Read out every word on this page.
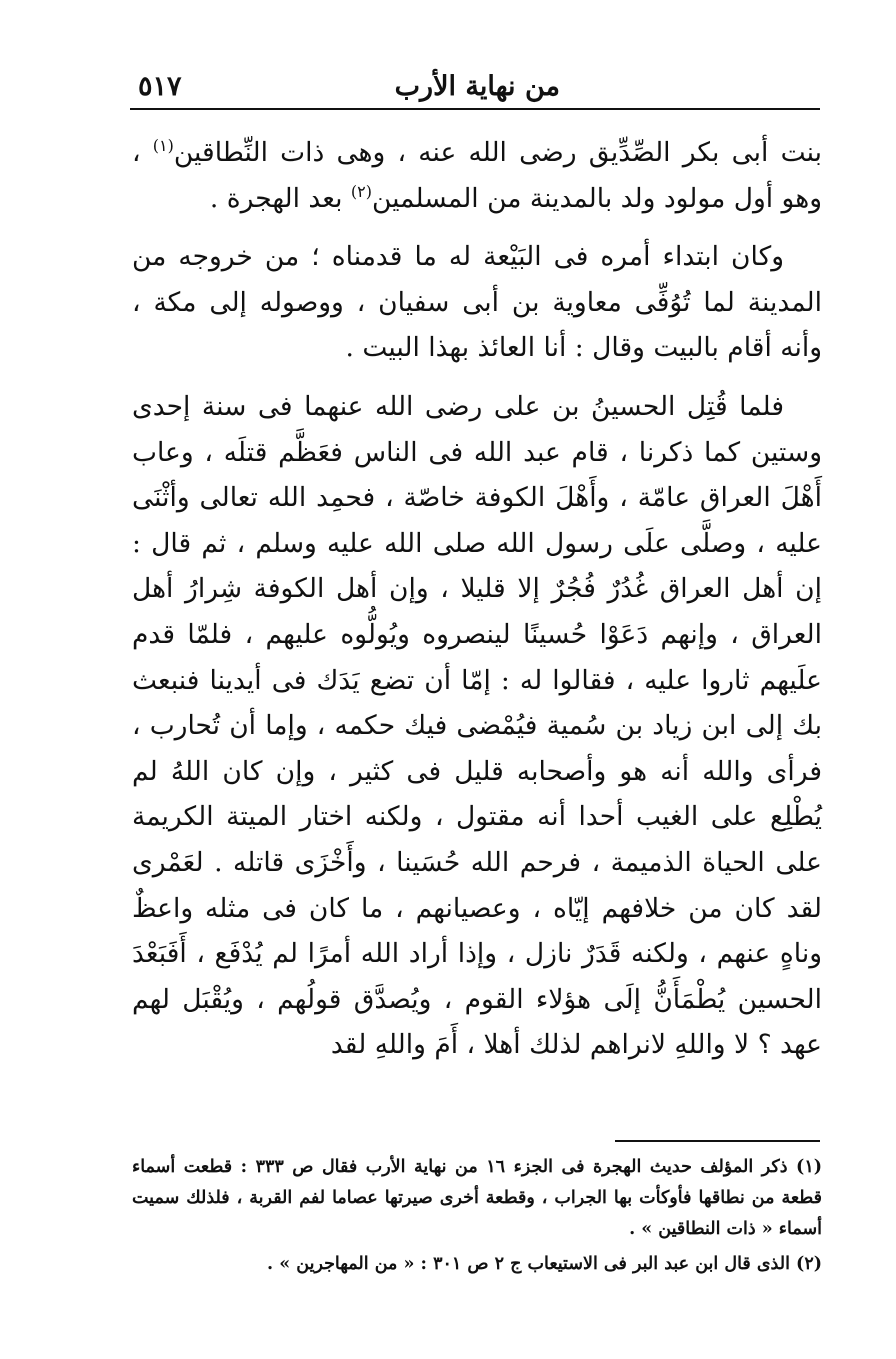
من نهاية الأرب
٥١٧

بنت أبى بكر الصِّدِّيق رضى الله عنه ، وهى ذات النِّطاقين$^{(١)}$ ، وهو أول مولود ولد بالمدينة من المسلمين$^{(٢)}$ بعد الهجرة .

وكان ابتداء أمره فى البَيْعة له ما قدمناه ؛ من خروجه من المدينة لما تُوُفِّى معاوية بن أبى سفيان ، ووصوله إلى مكة ، وأنه أقام بالبيت وقال : أنا العائذ بهذا البيت .

فلما قُتِل الحسينُ بن على رضى الله عنهما فى سنة إحدى وستين كما ذكرنا ، قام عبد الله فى الناس فعَظَّم قتلَه ، وعاب أَهْلَ العراق عامّة ، وأَهْلَ الكوفة خاصّة ، فحمِد الله تعالى وأثْنَى عليه ، وصلَّى علَى رسول الله صلى الله عليه وسلم ، ثم قال : إن أهل العراق غُدُرٌ فُجُرٌ إلا قليلا ، وإن أهل الكوفة شِرارُ أهل العراق ، وإنهم دَعَوْا حُسينًا لينصروه ويُولُّوه عليهم ، فلمّا قدم علَيهم ثاروا عليه ، فقالوا له : إمّا أن تضع يَدَك فى أيدينا فنبعث بك إلى ابن زياد بن سُمية فيُمْضى فيك حكمه ، وإما أن تُحارب ، فرأى والله أنه هو وأصحابه قليل فى كثير ، وإن كان اللهُ لم يُطْلِع على الغيب أحدا أنه مقتول ، ولكنه اختار الميتة الكريمة على الحياة الذميمة ، فرحم الله حُسَينا ، وأَخْزَى قاتله . لعَمْرى لقد كان من خلافهم إيّاه ، وعصيانهم ، ما كان فى مثله واعظٌ وناهٍ عنهم ، ولكنه قَدَرٌ نازل ، وإذا أراد الله أمرًا لم يُدْفَع ، أَفَبَعْدَ الحسين يُطْمَأَنُّ إلَى هؤلاء القوم ، ويُصدَّق قولُهم ، ويُقْبَل لهم عهد ؟ لا واللهِ لانراهم لذلك أهلا ، أَمَ واللهِ لقد

(١) ذكر المؤلف حديث الهجرة فى الجزء ١٦ من نهاية الأرب فقال ص ٣٣٣ : قطعت أسماء قطعة من نطاقها فأوكأت بها الجراب ، وقطعة أخرى صيرتها عصاما لفم القربة ، فلذلك سميت أسماء « ذات النطاقين » .

(٢) الذى قال ابن عبد البر فى الاستيعاب ج ٢ ص ٣٠١ : « من المهاجرين » .
